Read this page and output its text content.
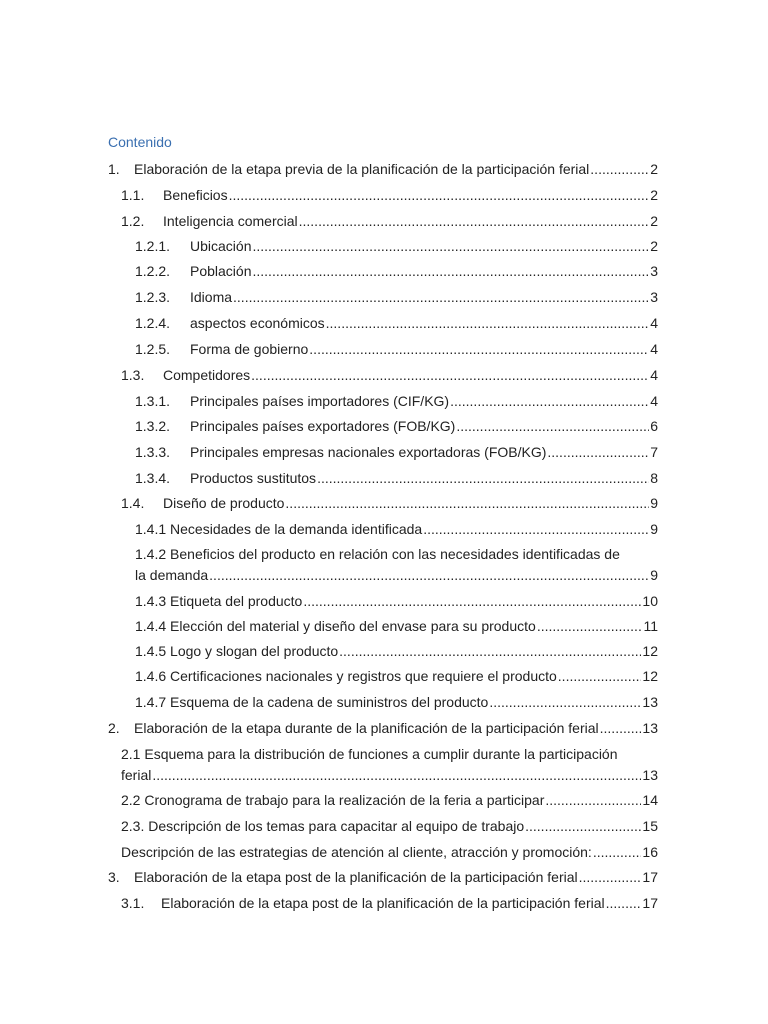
Contenido
1.	Elaboración de la etapa previa de la planificación de la participación ferial .....	2
1.1.	Beneficios .....	2
1.2.	Inteligencia comercial .....	2
1.2.1.	Ubicación .....	2
1.2.2.	Población .....	3
1.2.3.	Idioma .....	3
1.2.4.	aspectos económicos .....	4
1.2.5.	Forma de gobierno .....	4
1.3.	Competidores .....	4
1.3.1.	Principales países importadores (CIF/KG) .....	4
1.3.2.	Principales países exportadores (FOB/KG) .....	6
1.3.3.	Principales empresas nacionales exportadoras (FOB/KG) .....	7
1.3.4.	Productos sustitutos .....	8
1.4.	Diseño de producto .....	9
1.4.1 Necesidades de la demanda identificada .....	9
1.4.2 Beneficios del producto en relación con las necesidades identificadas de
la demanda .....	9
1.4.3 Etiqueta del producto .....	10
1.4.4 Elección del material y diseño del envase para su producto .....	11
1.4.5 Logo y slogan del producto .....	12
1.4.6 Certificaciones nacionales y registros que requiere el producto .....	12
1.4.7 Esquema de la cadena de suministros del producto .....	13
2.	Elaboración de la etapa durante de la planificación de la participación ferial .....	13
2.1 Esquema para la distribución de funciones a cumplir durante la participación
ferial .....	13
2.2 Cronograma de trabajo para la realización de la feria a participar .....	14
2.3. Descripción de los temas para capacitar al equipo de trabajo .....	15
Descripción de las estrategias de atención al cliente, atracción y promoción: .....	16
3.	Elaboración de la etapa post de la planificación de la participación ferial .....	17
3.1.	Elaboración de la etapa post de la planificación de la participación ferial .....	17
